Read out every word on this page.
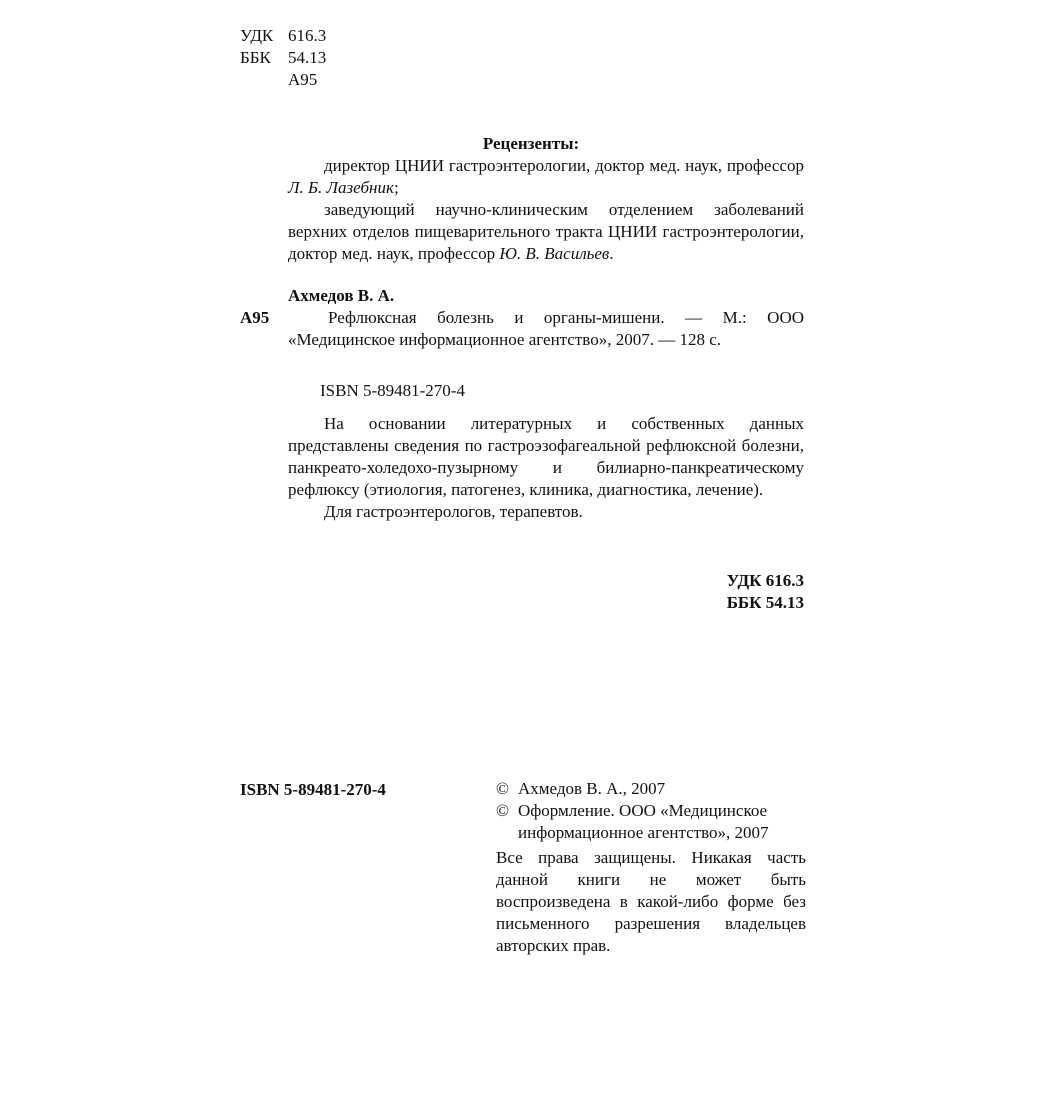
УДК 616.3
ББК	54.13
А95
Рецензенты:

директор ЦНИИ гастроэнтерологии, доктор мед. наук, профессор Л. Б. Лазебник;

заведующий научно-клиническим отделением заболеваний верхних отделов пищеварительного тракта ЦНИИ гастроэнтерологии, доктор мед. наук, профессор Ю. В. Васильев.

Ахмедов В. А.
А95	Рефлюксная болезнь и органы-мишени. — М.: ООО «Медицинское информационное агентство», 2007. — 128 с.
ISBN 5-89481-270-4

На основании литературных и собственных данных представлены сведения по гастроэзофагеальной рефлюксной болезни, панкреато-холедохо-пузырному и билиарно-панкреатическому рефлюксу (этиология, патогенез, клиника, диагностика, лечение).

Для гастроэнтерологов, терапевтов.

УДК 616.3
ББК 54.13
ISBN 5-89481-270-4	© Ахмедов В. А., 2007
© Оформление. ООО «Медицинское
информационное агентство», 2007
Все права защищены. Никакая часть данной книги не может быть воспроизведена в какой-либо форме без письменного разрешения владельцев авторских прав.
